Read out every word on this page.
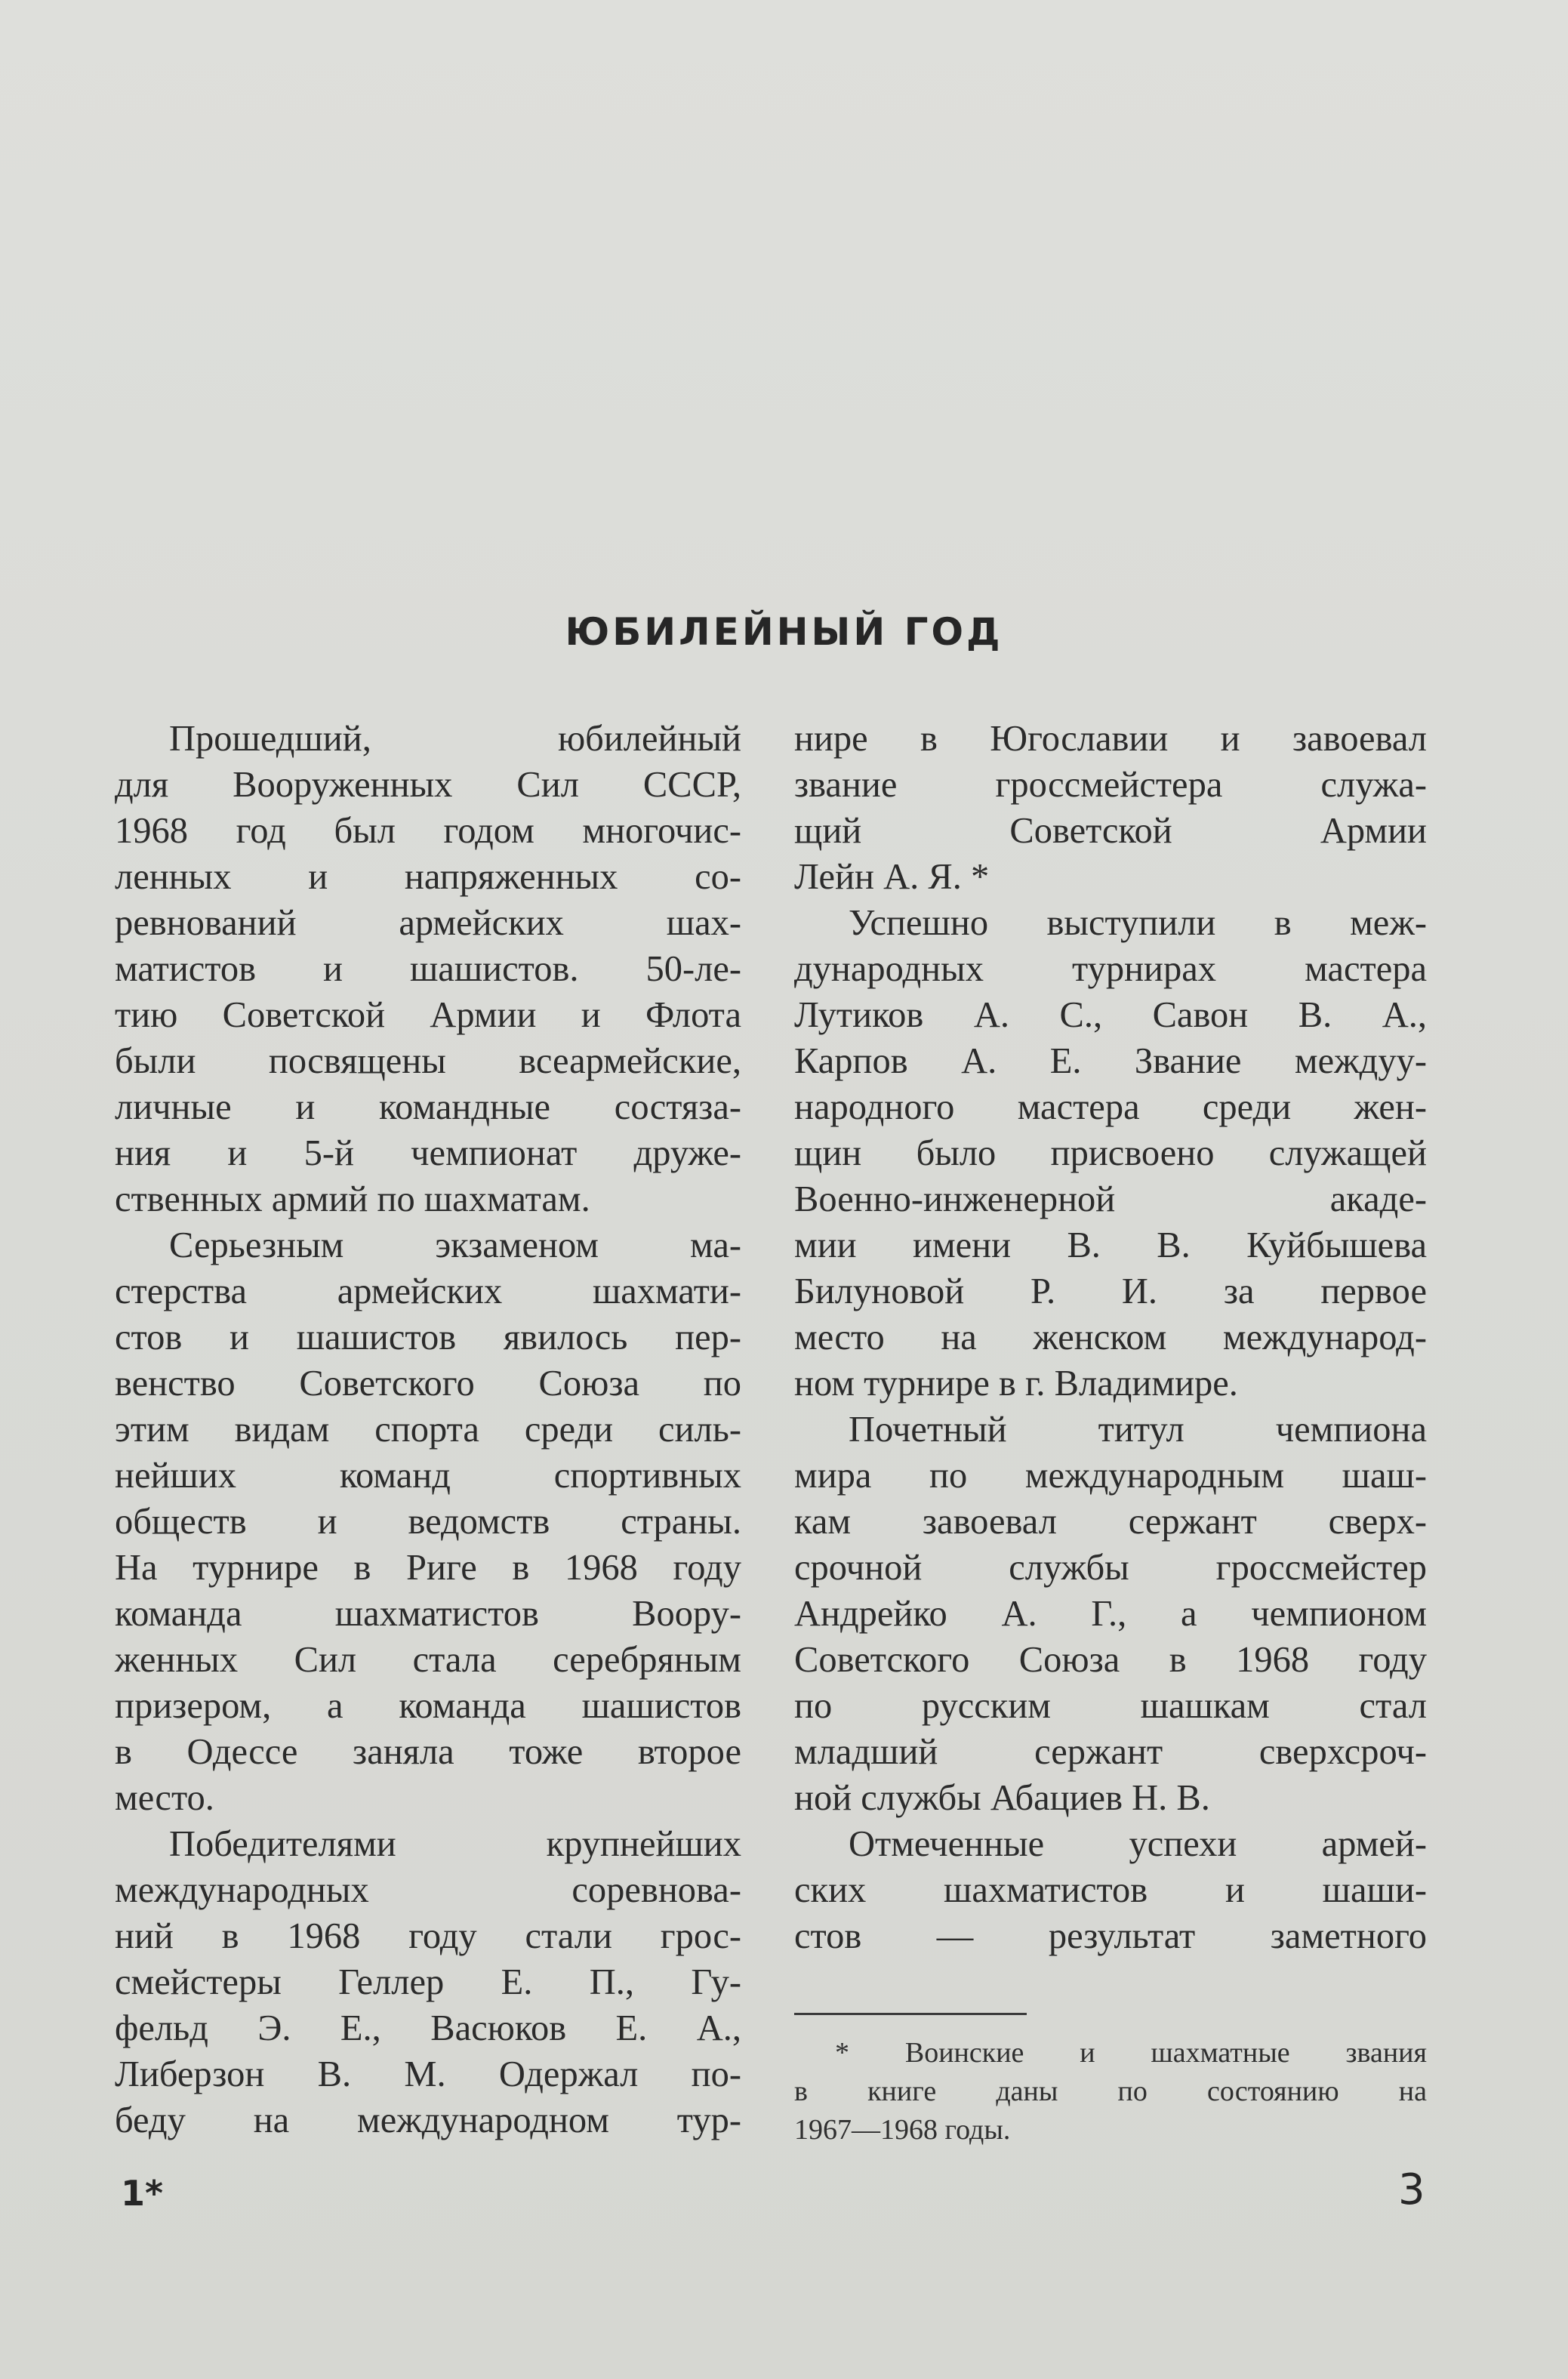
ЮБИЛЕЙНЫЙ ГОД
Прошедший, юбилейный
для Вооруженных Сил СССР,
1968 год был годом многочис-
ленных и напряженных со-
ревнований армейских шах-
матистов и шашистов. 50-ле-
тию Советской Армии и Флота
были посвящены всеармейские,
личные и командные состяза-
ния и 5-й чемпионат друже-
ственных армий по шахматам.
Серьезным экзаменом ма-
стерства армейских шахмати-
стов и шашистов явилось пер-
венство Советского Союза по
этим видам спорта среди силь-
нейших команд спортивных
обществ и ведомств страны.
На турнире в Риге в 1968 году
команда шахматистов Воору-
женных Сил стала серебряным
призером, а команда шашистов
в Одессе заняла тоже второе
место.
Победителями крупнейших
международных соревнова-
ний в 1968 году стали грос-
смейстеры Геллер Е. П., Гу-
фельд Э. Е., Васюков Е. А.,
Либерзон В. М. Одержал по-
беду на международном тур-
нире в Югославии и завоевал
звание гроссмейстера служа-
щий Советской Армии
Лейн А. Я. *
Успешно выступили в меж-
дународных турнирах мастера
Лутиков А. С., Савон В. А.,
Карпов А. Е. Звание междуу-
народного мастера среди жен-
щин было присвоено служащей
Военно-инженерной акаде-
мии имени В. В. Куйбышева
Билуновой Р. И. за первое
место на женском международ-
ном турнире в г. Владимире.
Почетный титул чемпиона
мира по международным шаш-
кам завоевал сержант сверх-
срочной службы гроссмейстер
Андрейко А. Г., а чемпионом
Советского Союза в 1968 году
по русским шашкам стал
младший сержант сверхсроч-
ной службы Абациев Н. В.
Отмеченные успехи армей-
ских шахматистов и шаши-
стов — результат заметного
* Воинские и шахматные звания
в книге даны по состоянию на
1967—1968 годы.
1*	3
